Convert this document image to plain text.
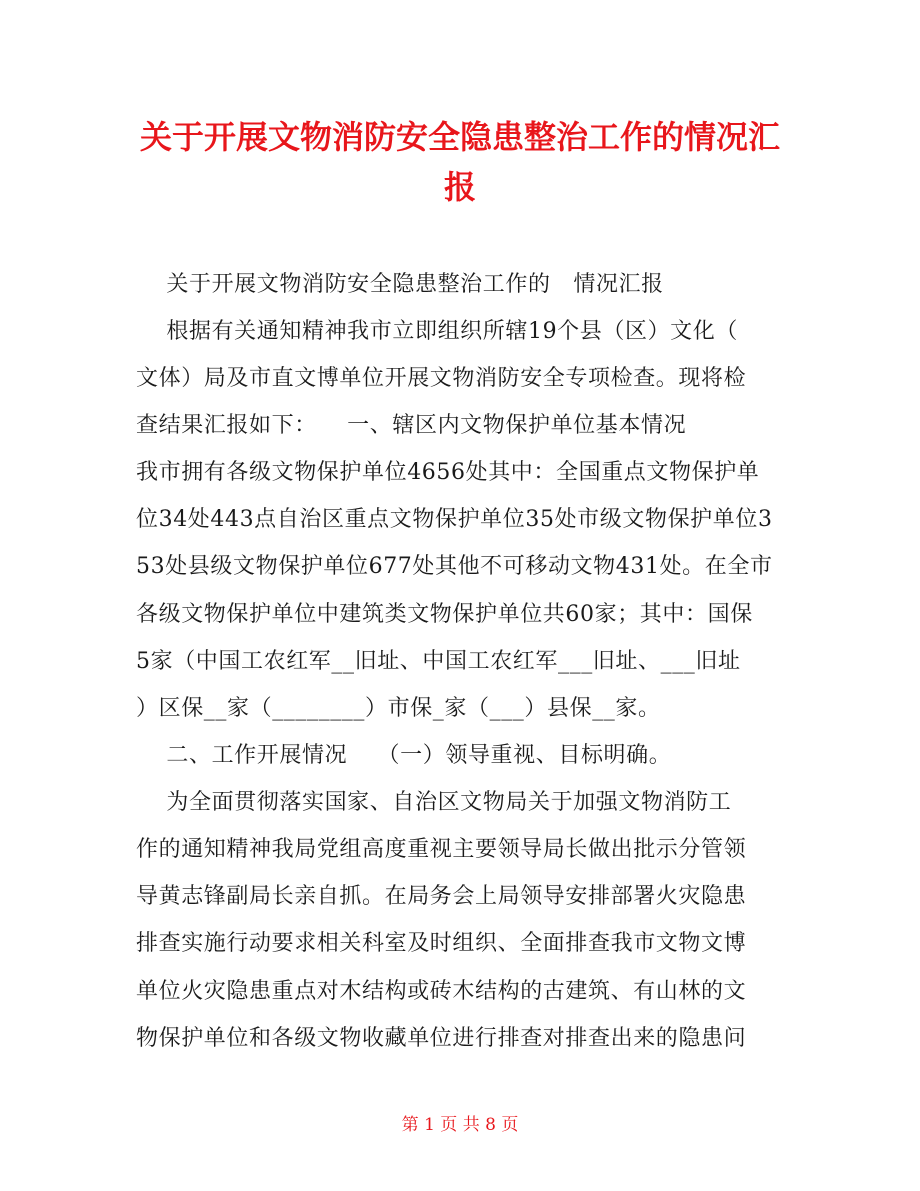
关于开展文物消防安全隐患整治工作的情况汇
报
关于开展文物消防安全隐患整治工作的   情况汇报
根据有关通知精神我市立即组织所辖19个县（区）文化（
文体）局及市直文博单位开展文物消防安全专项检查。现将检
查结果汇报如下：    一、辖区内文物保护单位基本情况
我市拥有各级文物保护单位4656处其中：全国重点文物保护单
位34处443点自治区重点文物保护单位35处市级文物保护单位3
53处县级文物保护单位677处其他不可移动文物431处。在全市
各级文物保护单位中建筑类文物保护单位共60家；其中：国保
5家（中国工农红军__旧址、中国工农红军___旧址、___旧址
）区保__家（________）市保_家（___）县保__家。
二、工作开展情况    （一）领导重视、目标明确。
为全面贯彻落实国家、自治区文物局关于加强文物消防工
作的通知精神我局党组高度重视主要领导局长做出批示分管领
导黄志锋副局长亲自抓。在局务会上局领导安排部署火灾隐患
排查实施行动要求相关科室及时组织、全面排查我市文物文博
单位火灾隐患重点对木结构或砖木结构的古建筑、有山林的文
物保护单位和各级文物收藏单位进行排查对排查出来的隐患问
第 1 页 共 8 页
